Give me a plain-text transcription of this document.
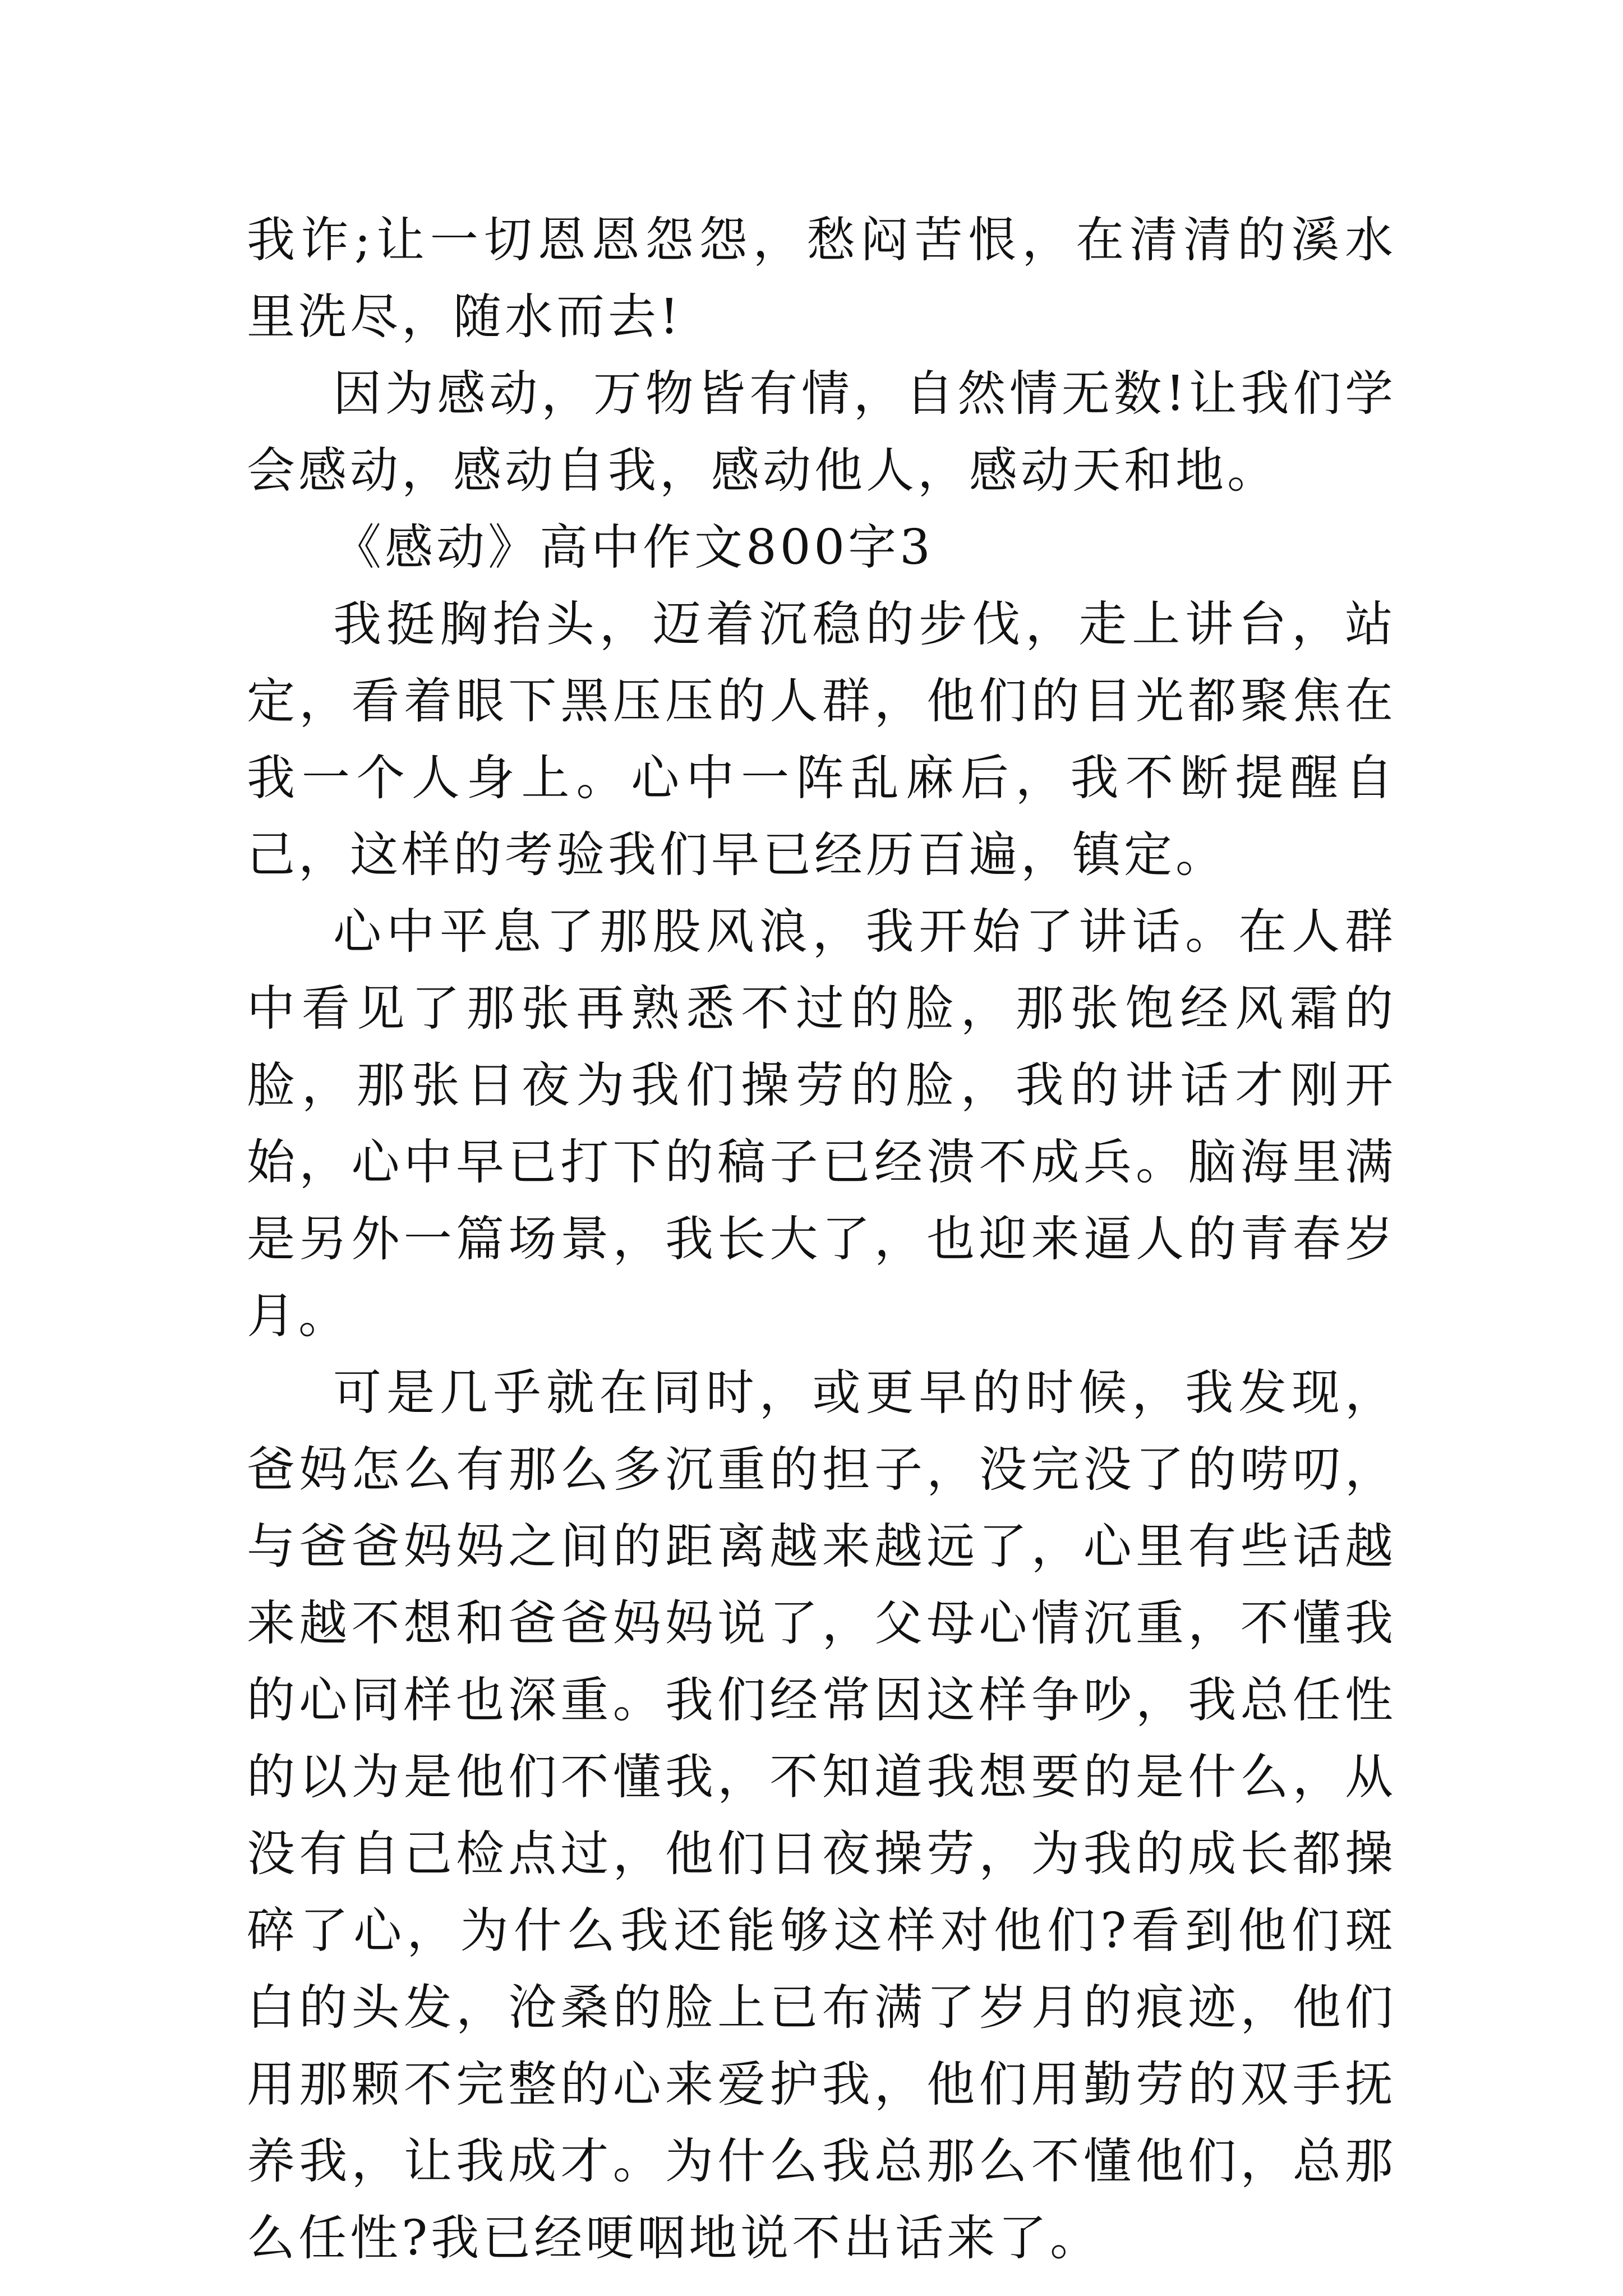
我诈;让一切恩恩怨怨，愁闷苦恨，在清清的溪水里洗尽，随水而去!

因为感动，万物皆有情，自然情无数!让我们学会感动，感动自我，感动他人，感动天和地。

《感动》高中作文800字3

我挺胸抬头，迈着沉稳的步伐，走上讲台，站定，看着眼下黑压压的人群，他们的目光都聚焦在我一个人身上。心中一阵乱麻后，我不断提醒自己，这样的考验我们早已经历百遍，镇定。

心中平息了那股风浪，我开始了讲话。在人群中看见了那张再熟悉不过的脸，那张饱经风霜的脸，那张日夜为我们操劳的脸，我的讲话才刚开始，心中早已打下的稿子已经溃不成兵。脑海里满是另外一篇场景，我长大了，也迎来逼人的青春岁月。

可是几乎就在同时，或更早的时候，我发现，爸妈怎么有那么多沉重的担子，没完没了的唠叨，与爸爸妈妈之间的距离越来越远了，心里有些话越来越不想和爸爸妈妈说了，父母心情沉重，不懂我的心同样也深重。我们经常因这样争吵，我总任性的以为是他们不懂我，不知道我想要的是什么，从没有自己检点过，他们日夜操劳，为我的成长都操碎了心，为什么我还能够这样对他们?看到他们斑白的头发，沧桑的脸上已布满了岁月的痕迹，他们用那颗不完整的心来爱护我，他们用勤劳的双手抚养我，让我成才。为什么我总那么不懂他们，总那么任性?我已经哽咽地说不出话来了。
